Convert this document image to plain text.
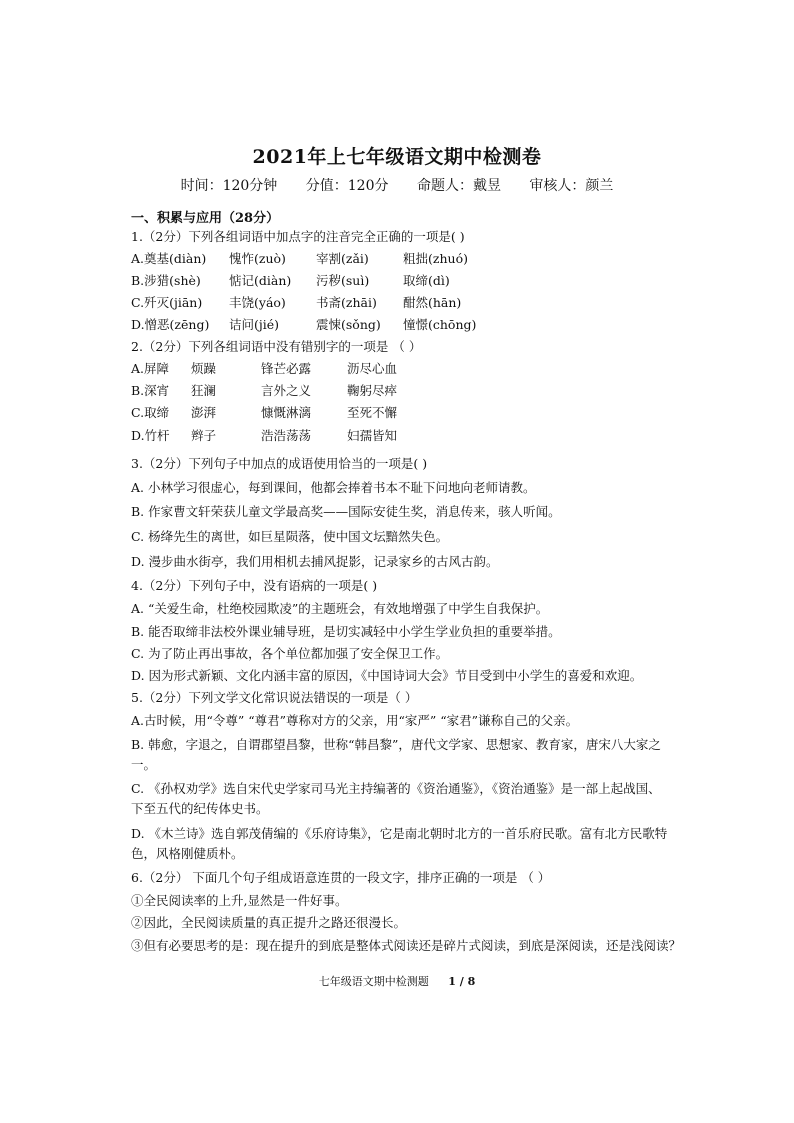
2021年上七年级语文期中检测卷
时间：120分钟 分值：120分 命题人：戴昱 审核人：颜兰
一、积累与应用（28分）
1.（2分）下列各组词语中加点字的注音完全正确的一项是( )
A.奠基(diàn) 愧怍(zuò) 宰割(zǎi)	粗拙(zhuó)
B.涉猎(shè) 惦记(diàn) 污秽(suì)	取缔(dì)
C.歼灭(jiān) 丰饶(yáo) 书斋(zhāi) 酣然(hān)
D.憎恶(zēng) 诘问(jié)	震悚(sǒng) 憧憬(chōng)
2.（2分）下列各组词语中没有错别字的一项是 （ ）
A.屏障 烦躁	锋芒必露	沥尽心血
B.深宵 狂澜	言外之义	鞠躬尽瘁
C.取缔 澎湃	慷慨淋漓	至死不懈
D.竹杆 辫子	浩浩荡荡	妇孺皆知
3.（2分）下列句子中加点的成语使用恰当的一项是( )
A. 小林学习很虚心，每到课间，他都会捧着书本不耻下问地向老师请教。
B. 作家曹文轩荣获儿童文学最高奖——国际安徒生奖，消息传来，骇人听闻。
C. 杨绛先生的离世，如巨星陨落，使中国文坛黯然失色。
D. 漫步曲水街亭，我们用相机去捕风捉影，记录家乡的古风古韵。
4.（2分）下列句子中，没有语病的一项是( )
A. “关爱生命，杜绝校园欺凌”的主题班会，有效地增强了中学生自我保护。
B. 能否取缔非法校外课业辅导班，是切实减轻中小学生学业负担的重要举措。
C. 为了防止再出事故，各个单位都加强了安全保卫工作。
D. 因为形式新颖、文化内涵丰富的原因，《中国诗词大会》节目受到中小学生的喜爱和欢迎。
5.（2分）下列文学文化常识说法错误的一项是（ ）
A.古时候，用“令尊” “尊君”尊称对方的父亲，用“家严” “家君”谦称自己的父亲。
B. 韩愈，字退之，自谓郡望昌黎，世称“韩昌黎”，唐代文学家、思想家、教育家，唐宋八大家之一。
C. 《孙权劝学》选自宋代史学家司马光主持编著的《资治通鉴》，《资治通鉴》是一部上起战国、下至五代的纪传体史书。
D. 《木兰诗》选自郭茂倩编的《乐府诗集》，它是南北朝时北方的一首乐府民歌。富有北方民歌特色，风格刚健质朴。
6.（2分） 下面几个句子组成语意连贯的一段文字，排序正确的一项是 （ ）
①全民阅读率的上升,显然是一件好事。
②因此，全民阅读质量的真正提升之路还很漫长。
③但有必要思考的是：现在提升的到底是整体式阅读还是碎片式阅读，到底是深阅读，还是浅阅读？
七年级语文期中检测题 1 / 8
